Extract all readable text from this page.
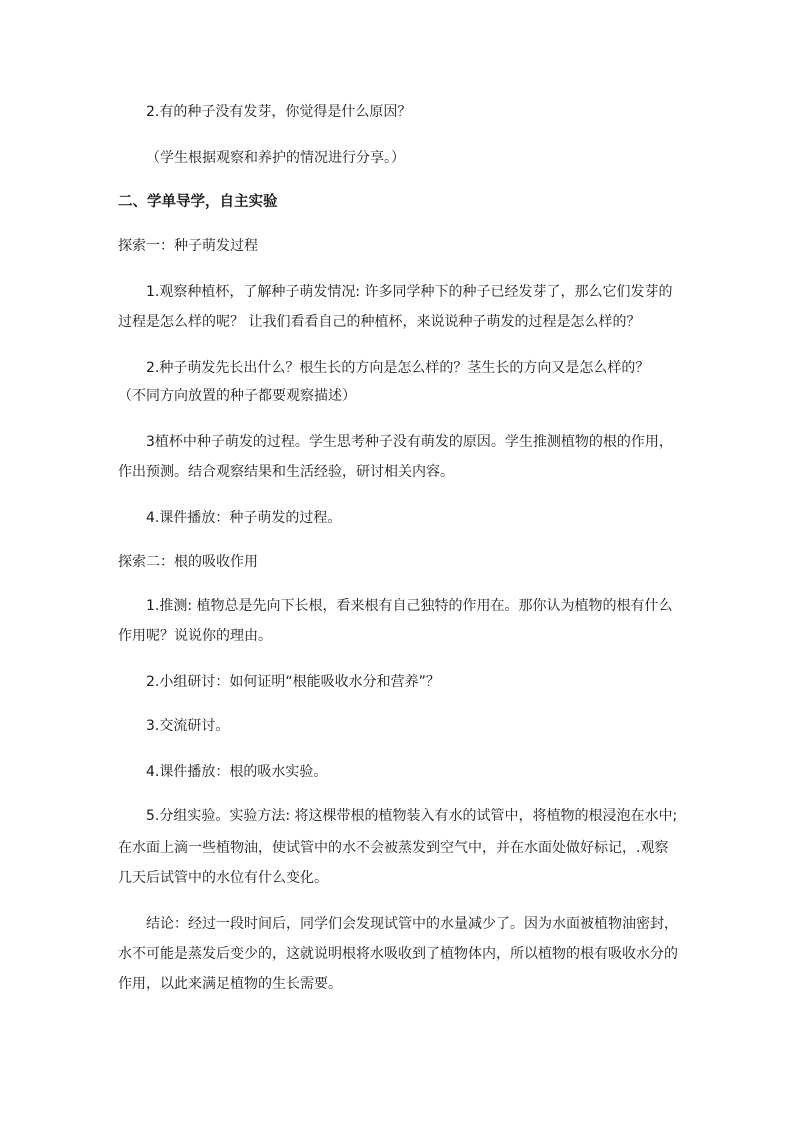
2.有的种子没有发芽，你觉得是什么原因？
（学生根据观察和养护的情况进行分享。）
二、学单导学，自主实验
探索一：种子萌发过程
1.观察种植杯，了解种子萌发情况: 许多同学种下的种子已经发芽了，那么它们发芽的
过程是怎么样的呢？ 让我们看看自己的种植杯，来说说种子萌发的过程是怎么样的？
2.种子萌发先长出什么？根生长的方向是怎么样的？茎生长的方向又是怎么样的？
（不同方向放置的种子都要观察描述）
3植杯中种子萌发的过程。学生思考种子没有萌发的原因。学生推测植物的根的作用，
作出预测。结合观察结果和生活经验，研讨相关内容。
4.课件播放：种子萌发的过程。
探索二：根的吸收作用
1.推测: 植物总是先向下长根，看来根有自己独特的作用在。那你认为植物的根有什么
作用呢？说说你的理由。
2.小组研讨：如何证明“根能吸收水分和营养”？
3.交流研讨。
4.课件播放：根的吸水实验。
5.分组实验。实验方法: 将这棵带根的植物装入有水的试管中，将植物的根浸泡在水中;
在水面上滴一些植物油，使试管中的水不会被蒸发到空气中，并在水面处做好标记，.观察
几天后试管中的水位有什么变化。
结论：经过一段时间后，同学们会发现试管中的水量减少了。因为水面被植物油密封，
水不可能是蒸发后变少的，这就说明根将水吸收到了植物体内，所以植物的根有吸收水分的
作用，以此来满足植物的生长需要。
